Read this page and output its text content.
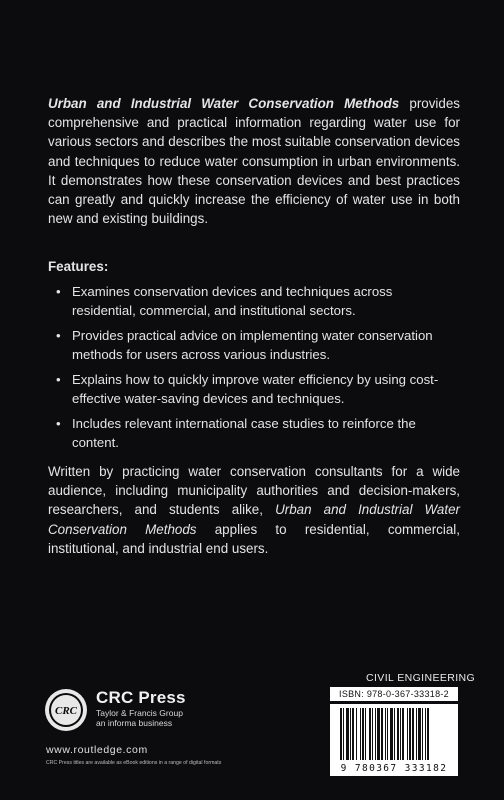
Urban and Industrial Water Conservation Methods provides comprehensive and practical information regarding water use for various sectors and describes the most suitable conservation devices and techniques to reduce water consumption in urban environments. It demonstrates how these conservation devices and best practices can greatly and quickly increase the efficiency of water use in both new and existing buildings.

Features:
• Examines conservation devices and techniques across residential, commercial, and institutional sectors.
• Provides practical advice on implementing water conservation methods for users across various industries.
• Explains how to quickly improve water efficiency by using cost-effective water-saving devices and techniques.
• Includes relevant international case studies to reinforce the content.

Written by practicing water conservation consultants for a wide audience, including municipality authorities and decision-makers, researchers, and students alike, Urban and Industrial Water Conservation Methods applies to residential, commercial, institutional, and industrial end users.

CRC
CRC Press
Taylor & Francis Group
an informa business
www.routledge.com
CRC Press titles are available as eBook editions in a range of digital formats
CIVIL ENGINEERING
ISBN: 978-0-367-33318-2
9 780367 333182
